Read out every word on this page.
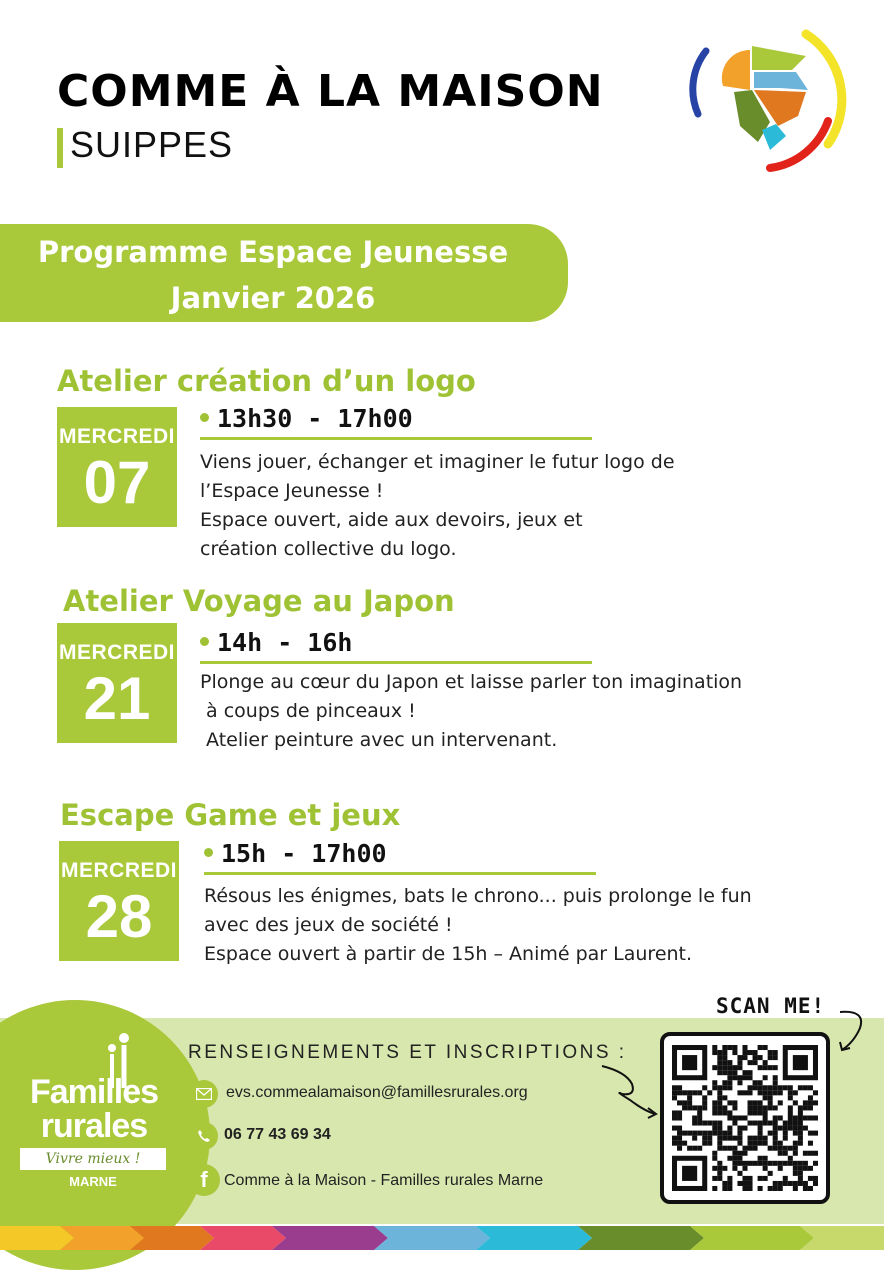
COMME À LA MAISON
SUIPPES
Programme Espace Jeunesse
Janvier 2026
Atelier création d’un logo
MERCREDI
07
13h30 - 17h00
Viens jouer, échanger et imaginer le futur logo de
l’Espace Jeunesse !
Espace ouvert, aide aux devoirs, jeux et
création collective du logo.
Atelier Voyage au Japon
MERCREDI
21
14h - 16h
Plonge au cœur du Japon et laisse parler ton imagination
à coups de pinceaux !
Atelier peinture avec un intervenant.
Escape Game et jeux
MERCREDI
28
15h - 17h00
Résous les énigmes, bats le chrono... puis prolonge le fun
avec des jeux de société !
Espace ouvert à partir de 15h – Animé par Laurent.
Familles
rurales
Vivre mieux !
MARNE
RENSEIGNEMENTS ET INSCRIPTIONS :
evs.commealamaison@famillesrurales.org
06 77 43 69 34
f	Comme à la Maison - Familles rurales Marne
SCAN ME!
